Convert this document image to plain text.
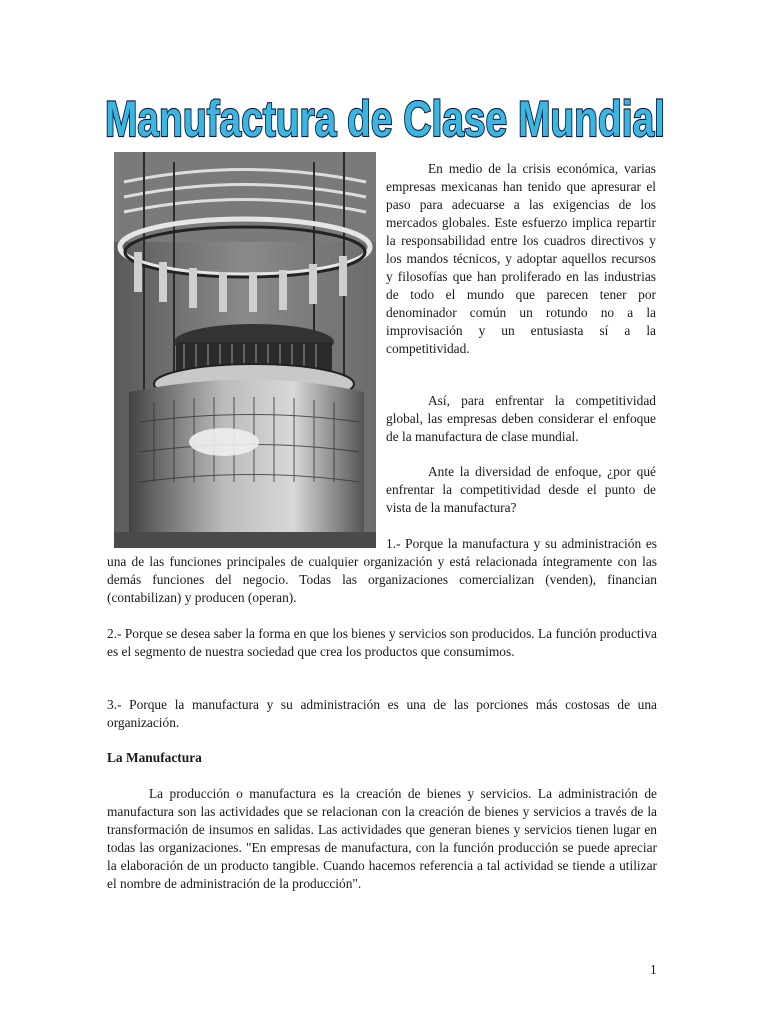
Manufactura de Clase Mundial

En medio de la crisis económica, varias empresas mexicanas han tenido que apresurar el paso para adecuarse a las exigencias de los mercados globales. Este esfuerzo implica repartir la responsabilidad entre los cuadros directivos y los mandos técnicos, y adoptar aquellos recursos y filosofías que han proliferado en las industrias de todo el mundo que parecen tener por denominador común un rotundo no a la improvisación y un entusiasta sí a la competitividad.

Así, para enfrentar la competitividad global, las empresas deben considerar el enfoque de la manufactura de clase mundial.

Ante la diversidad de enfoque, ¿por qué enfrentar la competitividad desde el punto de vista de la manufactura?

1.- Porque la manufactura y su administración es una de las funciones principales de cualquier organización y está relacionada íntegramente con las demás funciones del negocio. Todas las organizaciones comercializan (venden), financian (contabilizan) y producen (operan).

2.- Porque se desea saber la forma en que los bienes y servicios son producidos. La función productiva es el segmento de nuestra sociedad que crea los productos que consumimos.

3.- Porque la manufactura y su administración es una de las porciones más costosas de una organización.

La Manufactura

La producción o manufactura es la creación de bienes y servicios. La administración de manufactura son las actividades que se relacionan con la creación de bienes y servicios a través de la transformación de insumos en salidas. Las actividades que generan bienes y servicios tienen lugar en todas las organizaciones. "En empresas de manufactura, con la función producción se puede apreciar la elaboración de un producto tangible. Cuando hacemos referencia a tal actividad se tiende a utilizar el nombre de administración de la producción".

1
